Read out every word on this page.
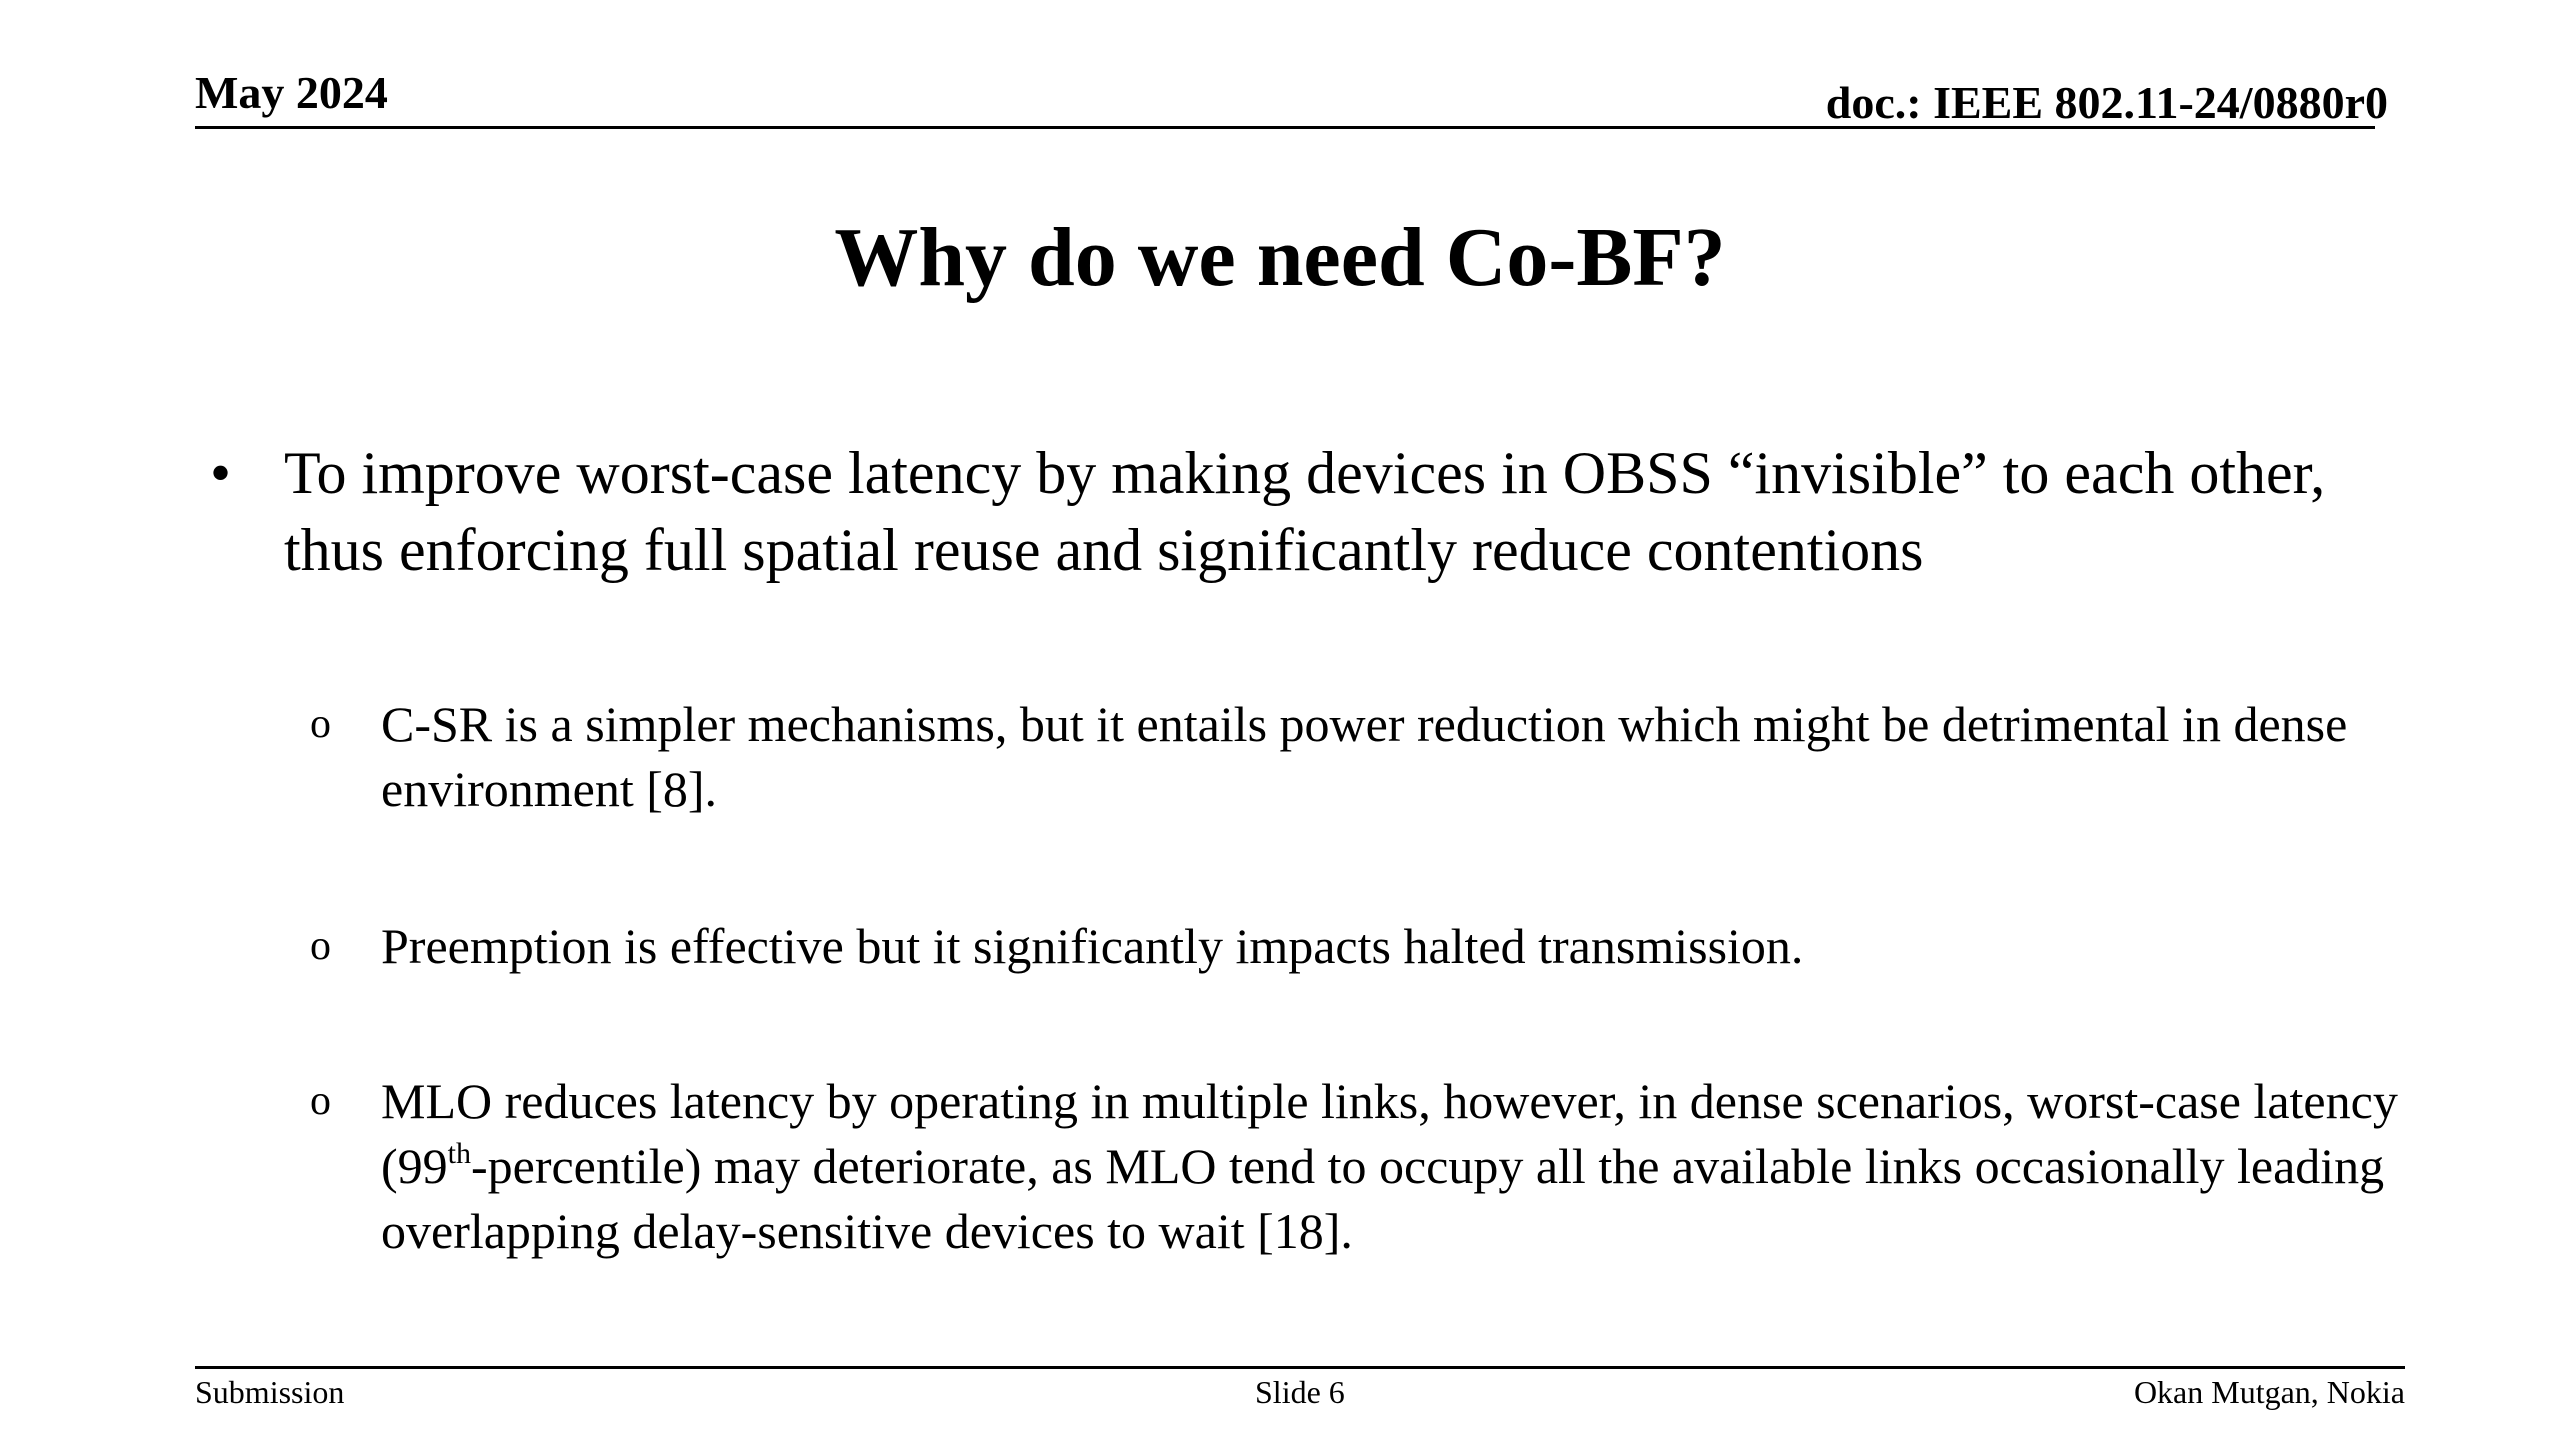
May 2024	doc.: IEEE 802.11-24/0880r0
Why do we need Co-BF?
• To improve worst-case latency by making devices in OBSS “invisible” to each other, thus enforcing full spatial reuse and significantly reduce contentions
o C-SR is a simpler mechanisms, but it entails power reduction which might be detrimental in dense environment [8].
o Preemption is effective but it significantly impacts halted transmission.
o MLO reduces latency by operating in multiple links, however, in dense scenarios, worst-case latency (99th-percentile) may deteriorate, as MLO tend to occupy all the available links occasionally leading overlapping delay-sensitive devices to wait [18].
Submission	Slide 6	Okan Mutgan, Nokia
